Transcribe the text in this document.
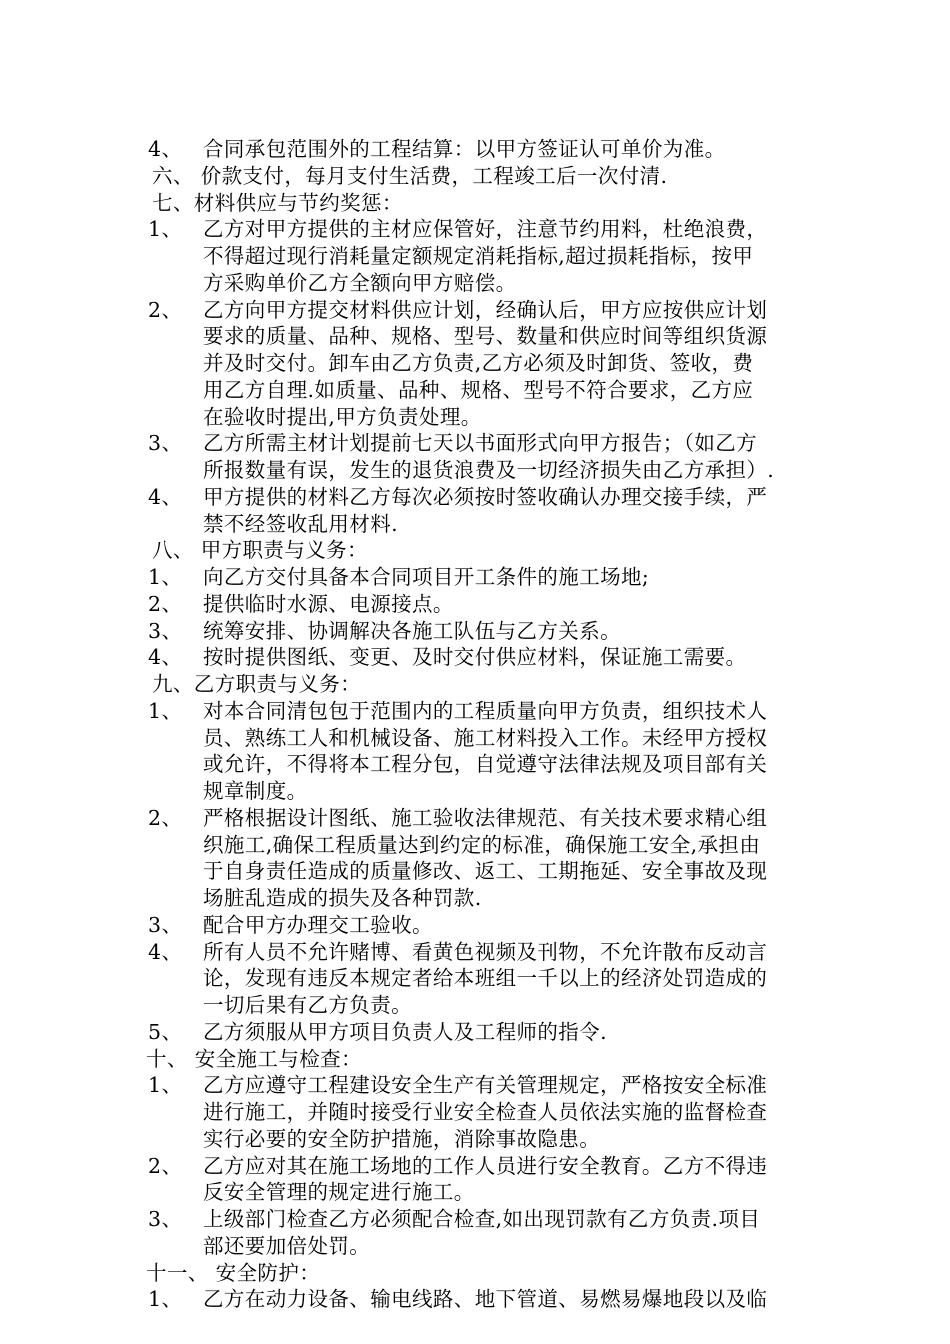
4、 合同承包范围外的工程结算：以甲方签证认可单价为准。
六、 价款支付，每月支付生活费，工程竣工后一次付清.
七、材料供应与节约奖惩：
1、 乙方对甲方提供的主材应保管好，注意节约用料，杜绝浪费，
不得超过现行消耗量定额规定消耗指标,超过损耗指标，按甲
方采购单价乙方全额向甲方赔偿。
2、 乙方向甲方提交材料供应计划，经确认后，甲方应按供应计划
要求的质量、品种、规格、型号、数量和供应时间等组织货源
并及时交付。卸车由乙方负责,乙方必须及时卸货、签收，费
用乙方自理.如质量、品种、规格、型号不符合要求，乙方应
在验收时提出,甲方负责处理。
3、 乙方所需主材计划提前七天以书面形式向甲方报告；（如乙方
所报数量有误，发生的退货浪费及一切经济损失由乙方承担）.
4、 甲方提供的材料乙方每次必须按时签收确认办理交接手续，严
禁不经签收乱用材料.
八、 甲方职责与义务：
1、 向乙方交付具备本合同项目开工条件的施工场地;
2、 提供临时水源、电源接点。
3、 统筹安排、协调解决各施工队伍与乙方关系。
4、 按时提供图纸、变更、及时交付供应材料，保证施工需要。
九、乙方职责与义务：
1、 对本合同清包包于范围内的工程质量向甲方负责，组织技术人
员、熟练工人和机械设备、施工材料投入工作。未经甲方授权
或允许，不得将本工程分包，自觉遵守法律法规及项目部有关
规章制度。
2、 严格根据设计图纸、施工验收法律规范、有关技术要求精心组
织施工,确保工程质量达到约定的标准，确保施工安全,承担由
于自身责任造成的质量修改、返工、工期拖延、安全事故及现
场脏乱造成的损失及各种罚款.
3、 配合甲方办理交工验收。
4、 所有人员不允许赌博、看黄色视频及刊物，不允许散布反动言
论，发现有违反本规定者给本班组一千以上的经济处罚造成的
一切后果有乙方负责。
5、 乙方须服从甲方项目负责人及工程师的指令.
十、 安全施工与检查：
1、 乙方应遵守工程建设安全生产有关管理规定，严格按安全标准
进行施工，并随时接受行业安全检查人员依法实施的监督检查
实行必要的安全防护措施，消除事故隐患。
2、 乙方应对其在施工场地的工作人员进行安全教育。乙方不得违
反安全管理的规定进行施工。
3、 上级部门检查乙方必须配合检查,如出现罚款有乙方负责.项目
部还要加倍处罚。
十一、 安全防护：
1、 乙方在动力设备、输电线路、地下管道、易燃易爆地段以及临
